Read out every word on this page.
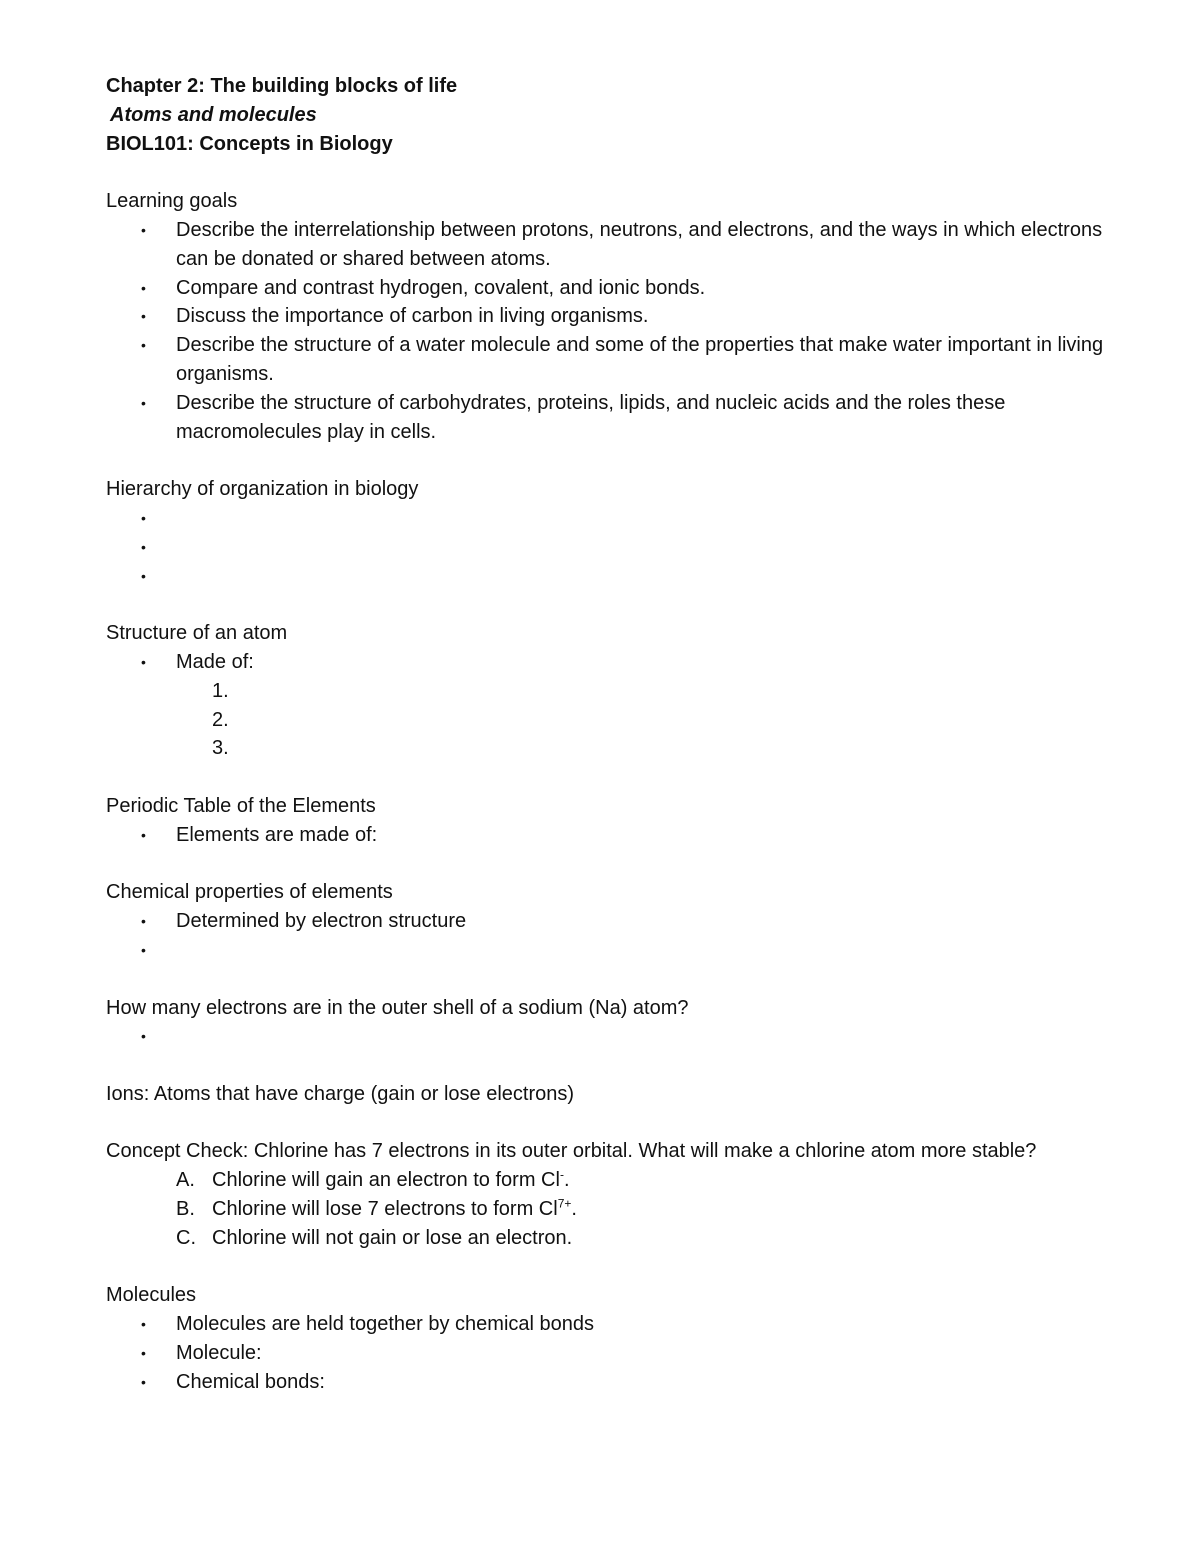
Chapter 2: The building blocks of life

Atoms and molecules

BIOL101: Concepts in Biology

Learning goals

• Describe the interrelationship between protons, neutrons, and electrons, and the ways in which electrons can be donated or shared between atoms.
• Compare and contrast hydrogen, covalent, and ionic bonds.
• Discuss the importance of carbon in living organisms.
• Describe the structure of a water molecule and some of the properties that make water important in living organisms.
• Describe the structure of carbohydrates, proteins, lipids, and nucleic acids and the roles these macromolecules play in cells.

Hierarchy of organization in biology

•
•
•

Structure of an atom

• Made of:
1.
2.
3.

Periodic Table of the Elements

• Elements are made of:

Chemical properties of elements

• Determined by electron structure
•

How many electrons are in the outer shell of a sodium (Na) atom?

•

Ions: Atoms that have charge (gain or lose electrons)

Concept Check: Chlorine has 7 electrons in its outer orbital. What will make a chlorine atom more stable?

A. Chlorine will gain an electron to form Cl-.
B. Chlorine will lose 7 electrons to form $Cl^{7+}$.
C. Chlorine will not gain or lose an electron.

Molecules

• Molecules are held together by chemical bonds
• Molecule:
• Chemical bonds:
